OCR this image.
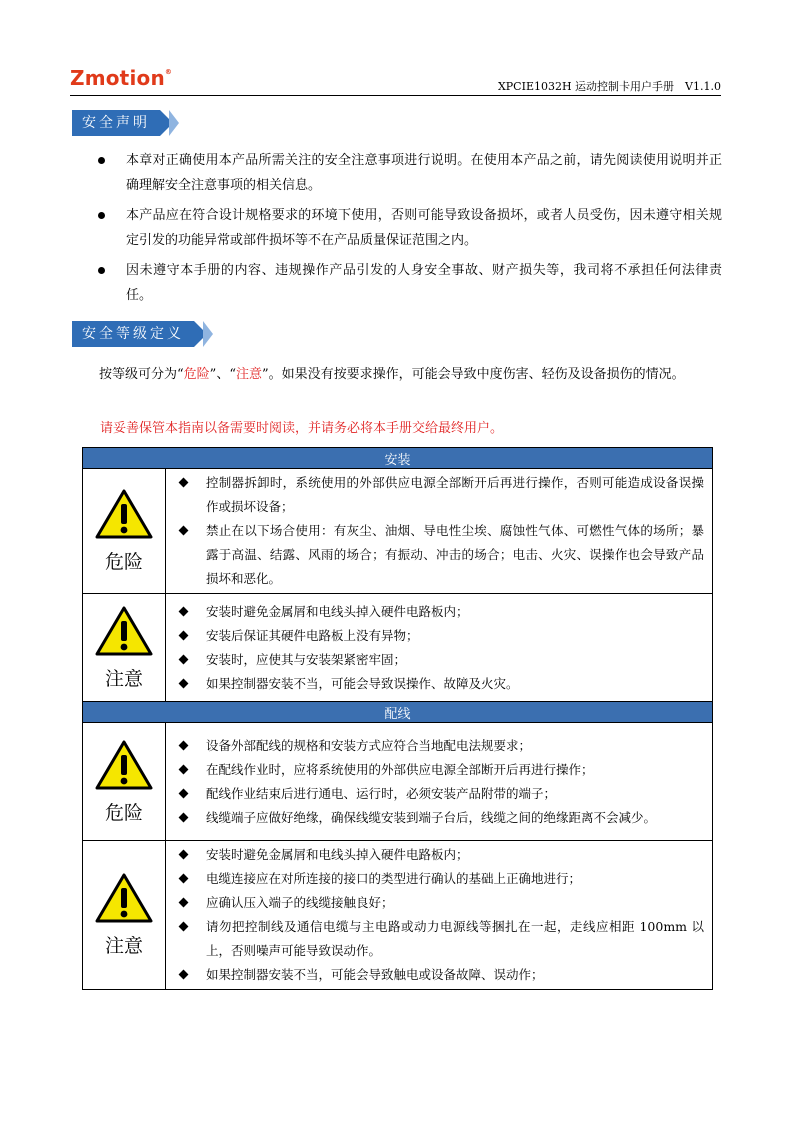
Zmotion®
XPCIE1032H 运动控制卡用户手册　V1.1.0
安全声明
本章对正确使用本产品所需关注的安全注意事项进行说明。在使用本产品之前，请先阅读使用说明并正确理解安全注意事项的相关信息。
本产品应在符合设计规格要求的环境下使用，否则可能导致设备损坏，或者人员受伤，因未遵守相关规定引发的功能异常或部件损坏等不在产品质量保证范围之内。
因未遵守本手册的内容、违规操作产品引发的人身安全事故、财产损失等，我司将不承担任何法律责任。
安全等级定义
按等级可分为“危险”、“注意”。如果没有按要求操作，可能会导致中度伤害、轻伤及设备损伤的情况。
请妥善保管本指南以备需要时阅读，并请务必将本手册交给最终用户。
安装	

危险	控制器拆卸时，系统使用的外部供应电源全部断开后再进行操作，否则可能造成设备误操作或损坏设备；
禁止在以下场合使用：有灰尘、油烟、导电性尘埃、腐蚀性气体、可燃性气体的场所；暴露于高温、结露、风雨的场合；有振动、冲击的场合；电击、火灾、误操作也会导致产品损坏和恶化。

注意	安装时避免金属屑和电线头掉入硬件电路板内；
安装后保证其硬件电路板上没有异物；
安装时，应使其与安装架紧密牢固；
如果控制器安装不当，可能会导致误操作、故障及火灾。

配线	

危险	设备外部配线的规格和安装方式应符合当地配电法规要求；
在配线作业时，应将系统使用的外部供应电源全部断开后再进行操作；
配线作业结束后进行通电、运行时，必须安装产品附带的端子；
线缆端子应做好绝缘，确保线缆安装到端子台后，线缆之间的绝缘距离不会减少。

注意	安装时避免金属屑和电线头掉入硬件电路板内；
电缆连接应在对所连接的接口的类型进行确认的基础上正确地进行；
应确认压入端子的线缆接触良好；
请勿把控制线及通信电缆与主电路或动力电源线等捆扎在一起，走线应相距 100mm 以上，否则噪声可能导致误动作。
如果控制器安装不当，可能会导致触电或设备故障、误动作；
